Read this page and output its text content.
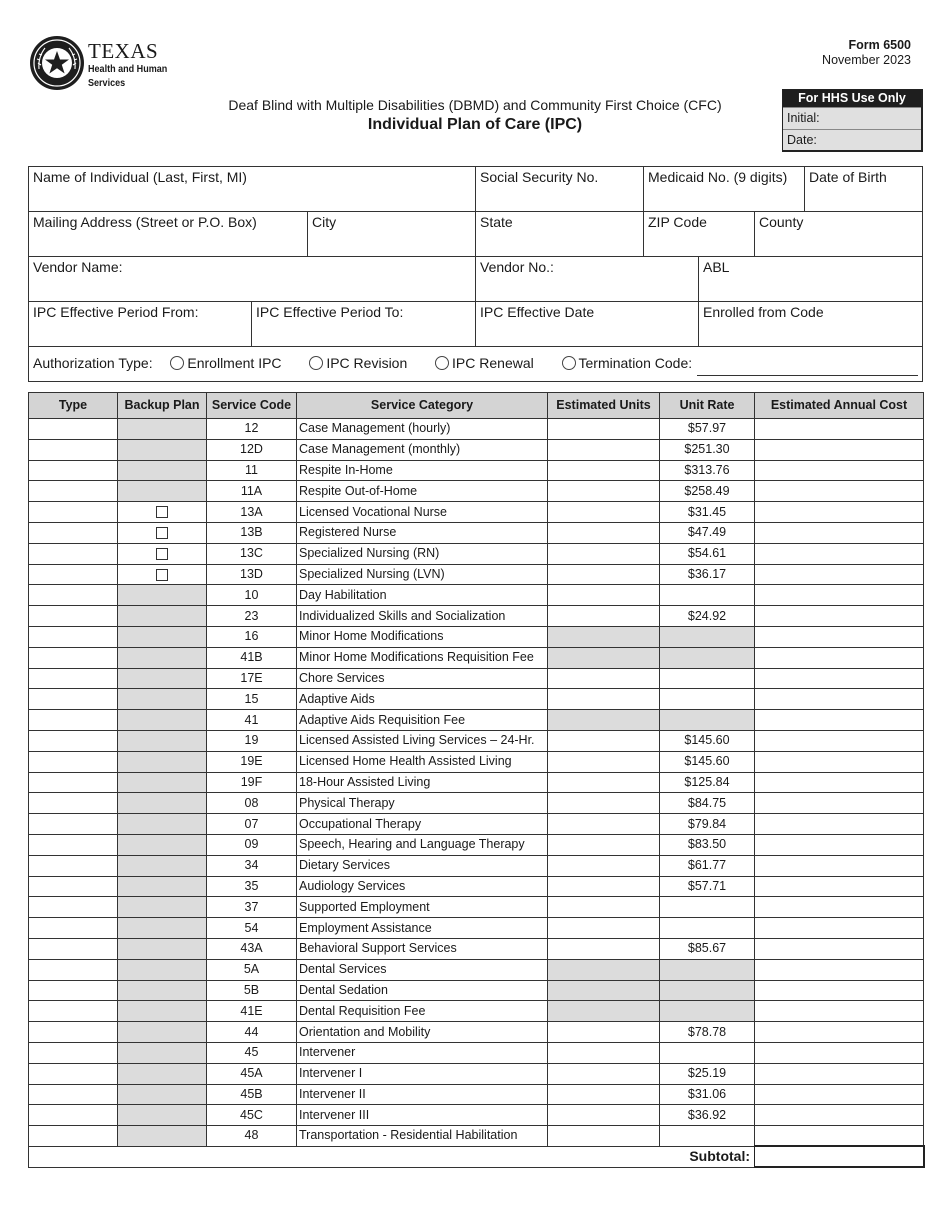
TEXAS
Health and Human
Services
Form 6500
November 2023
Deaf Blind with Multiple Disabilities (DBMD) and Community First Choice (CFC)
Individual Plan of Care (IPC)
For HHS Use Only
Initial:
Date:
Name of Individual (Last, First, MI)	Social Security No.	Medicaid No. (9 digits)	Date of Birth
Mailing Address (Street or P.O. Box)	City	State	ZIP Code	County
Vendor Name:	Vendor No.:	ABL
IPC Effective Period From:	IPC Effective Period To:	IPC Effective Date	Enrolled from Code
Authorization Type: Enrollment IPC	IPC Revision	IPC Renewal	Termination Code:
Type	Backup Plan	Service Code	Service Category	Estimated Units	Unit Rate	Estimated Annual Cost
		12	Case Management (hourly)		$57.97	
		12D	Case Management (monthly)		$251.30	
		11	Respite In-Home		$313.76	
		11A	Respite Out-of-Home		$258.49	
		13A	Licensed Vocational Nurse		$31.45	
		13B	Registered Nurse		$47.49	
		13C	Specialized Nursing (RN)		$54.61	
		13D	Specialized Nursing (LVN)		$36.17	
		10	Day Habilitation			
		23	Individualized Skills and Socialization		$24.92	
		16	Minor Home Modifications			
		41B	Minor Home Modifications Requisition Fee			
		17E	Chore Services			
		15	Adaptive Aids			
		41	Adaptive Aids Requisition Fee			
		19	Licensed Assisted Living Services – 24-Hr.		$145.60	
		19E	Licensed Home Health Assisted Living		$145.60	
		19F	18-Hour Assisted Living		$125.84	
		08	Physical Therapy		$84.75	
		07	Occupational Therapy		$79.84	
		09	Speech, Hearing and Language Therapy		$83.50	
		34	Dietary Services		$61.77	
		35	Audiology Services		$57.71	
		37	Supported Employment			
		54	Employment Assistance			
		43A	Behavioral Support Services		$85.67	
		5A	Dental Services			
		5B	Dental Sedation			
		41E	Dental Requisition Fee			
		44	Orientation and Mobility		$78.78	
		45	Intervener			
		45A	Intervener I		$25.19	
		45B	Intervener II		$31.06	
		45C	Intervener III		$36.92	
		48	Transportation - Residential Habilitation			
Subtotal:						
